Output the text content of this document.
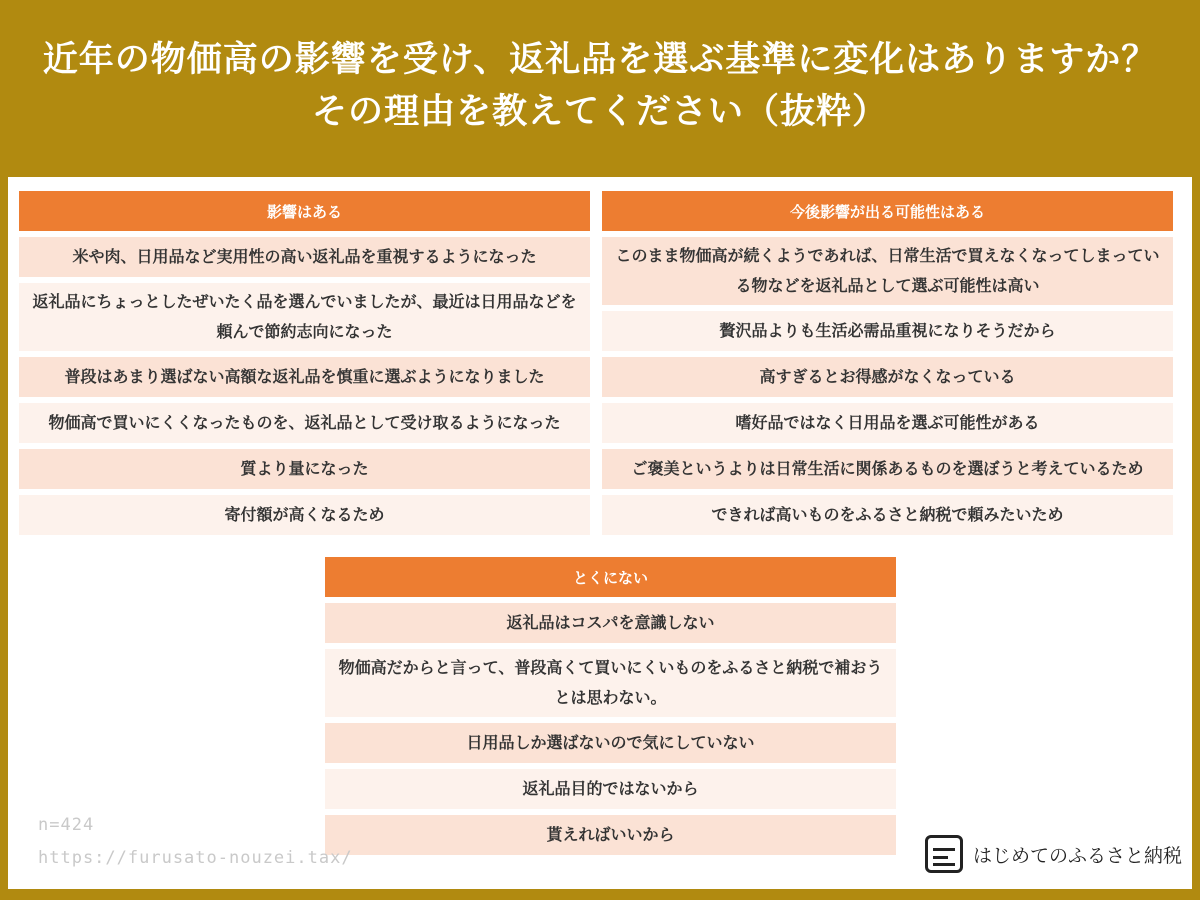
近年の物価高の影響を受け、返礼品を選ぶ基準に変化はありますか？
その理由を教えてください（抜粋）
影響はある
米や肉、日用品など実用性の高い返礼品を重視するようになった
返礼品にちょっとしたぜいたく品を選んでいましたが、最近は日用品などを頼んで節約志向になった
普段はあまり選ばない高額な返礼品を慎重に選ぶようになりました
物価高で買いにくくなったものを、返礼品として受け取るようになった
質より量になった
寄付額が高くなるため
今後影響が出る可能性はある
このまま物価高が続くようであれば、日常生活で買えなくなってしまっている物などを返礼品として選ぶ可能性は高い
贅沢品よりも生活必需品重視になりそうだから
高すぎるとお得感がなくなっている
嗜好品ではなく日用品を選ぶ可能性がある
ご褒美というよりは日常生活に関係あるものを選ぼうと考えているため
できれば高いものをふるさと納税で頼みたいため
とくにない
返礼品はコスパを意識しない
物価高だからと言って、普段高くて買いにくいものをふるさと納税で補おうとは思わない。
日用品しか選ばないので気にしていない
返礼品目的ではないから
貰えればいいから
n=424
https://furusato-nouzei.tax/	はじめてのふるさと納税
